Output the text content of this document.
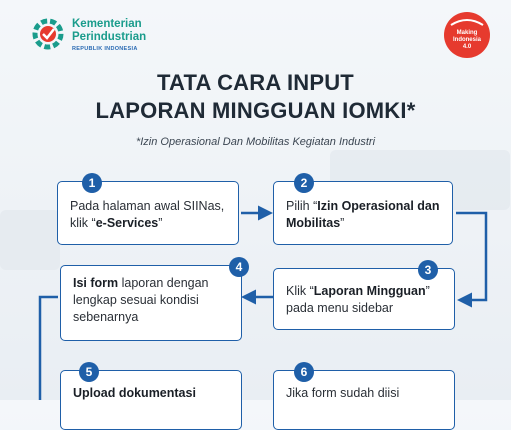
Kementerian
Perindustrian
REPUBLIK INDONESIA
Making
Indonesia
4.0
TATA CARA INPUT
LAPORAN MINGGUAN IOMKI*
*Izin Operasional Dan Mobilitas Kegiatan Industri
1
Pada halaman awal SIINas, klik “e-Services”
2
Pilih “Izin Operasional dan Mobilitas”
3
Klik “Laporan Mingguan” pada menu sidebar
4
Isi form laporan dengan lengkap sesuai kondisi sebenarnya
5
Upload dokumentasi
6
Jika form sudah diisi
